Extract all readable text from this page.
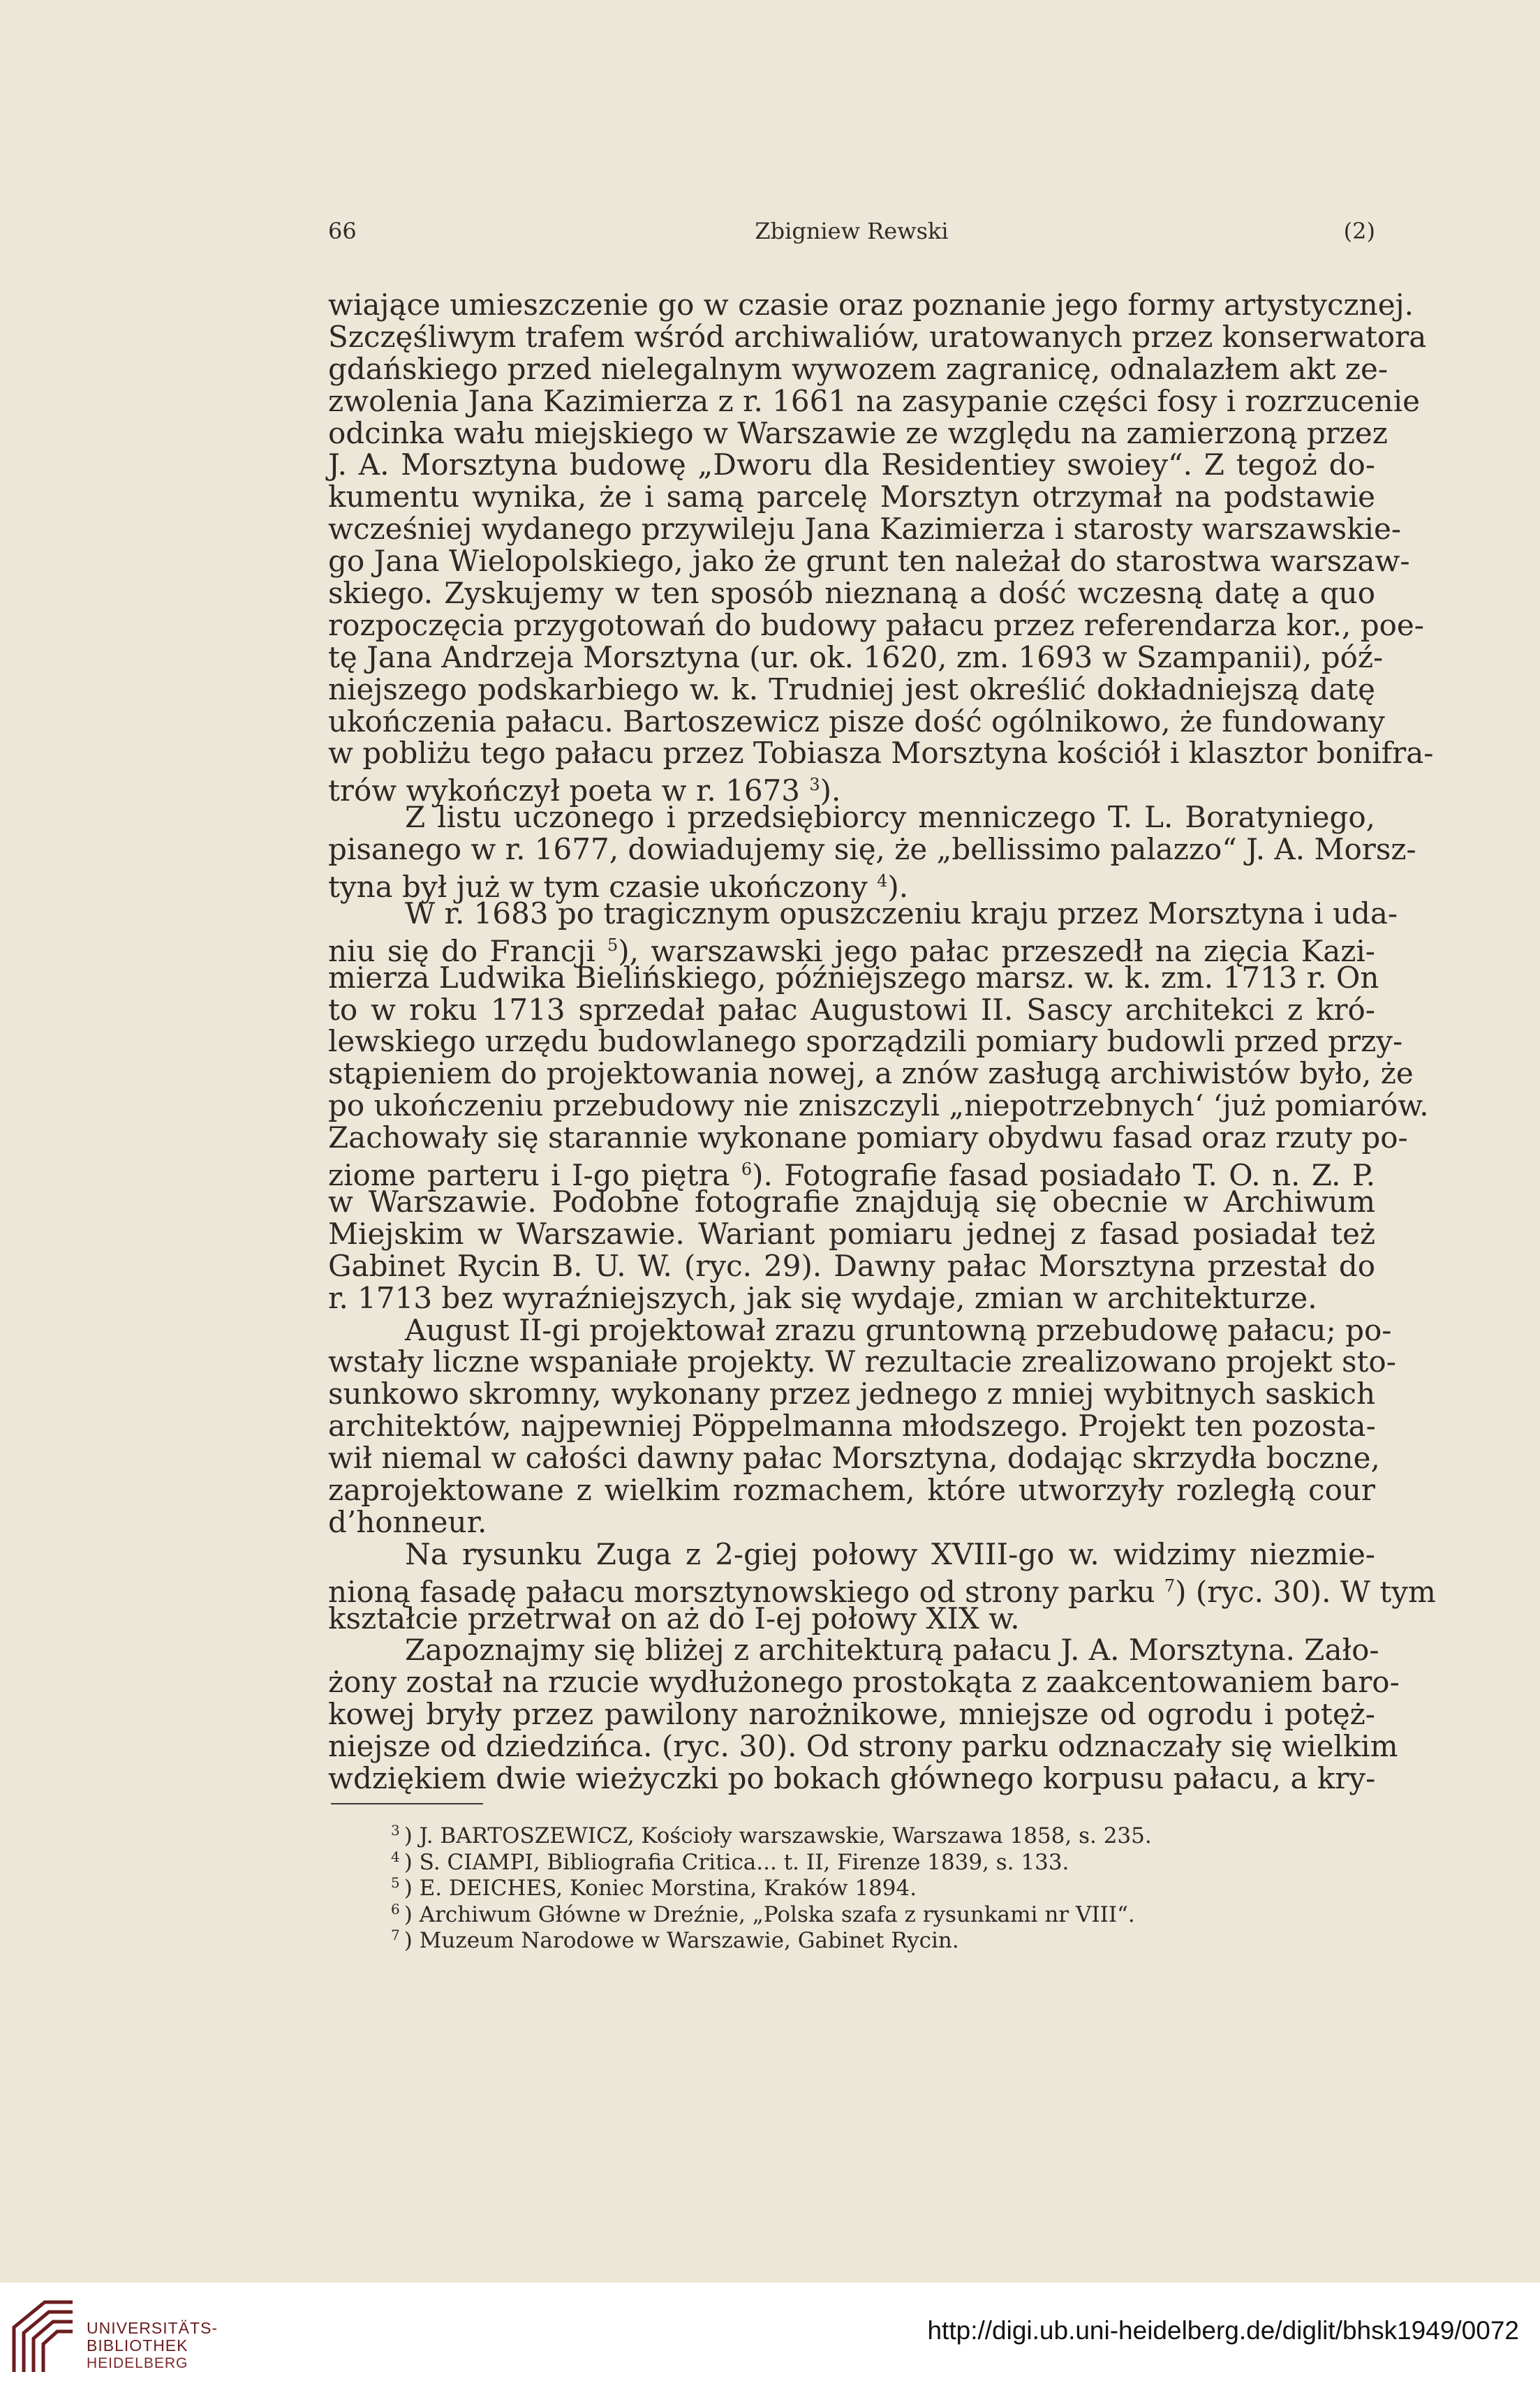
66	Zbigniew Rewski	(2)
wiające umieszczenie go w czasie oraz poznanie jego formy artystycznej.
Szczęśliwym trafem wśród archiwaliów, uratowanych przez konserwatora
gdańskiego przed nielegalnym wywozem zagranicę, odnalazłem akt ze-
zwolenia Jana Kazimierza z r. 1661 na zasypanie części fosy i rozrzucenie
odcinka wału miejskiego w Warszawie ze względu na zamierzoną przez
J. A. Morsztyna budowę „Dworu dla Residentiey swoiey“. Z tegoż do-
kumentu wynika, że i samą parcelę Morsztyn otrzymał na podstawie
wcześniej wydanego przywileju Jana Kazimierza i starosty warszawskie-
go Jana Wielopolskiego, jako że grunt ten należał do starostwa warszaw-
skiego. Zyskujemy w ten sposób nieznaną a dość wczesną datę a quo
rozpoczęcia przygotowań do budowy pałacu przez referendarza kor., poe-
tę Jana Andrzeja Morsztyna (ur. ok. 1620, zm. 1693 w Szampanii), póź-
niejszego podskarbiego w. k. Trudniej jest określić dokładniejszą datę
ukończenia pałacu. Bartoszewicz pisze dość ogólnikowo, że fundowany
w pobliżu tego pałacu przez Tobiasza Morsztyna kościół i klasztor bonifra-
trów wykończył poeta w r. 1673 $^3$).
Z listu uczonego i przedsiębiorcy menniczego T. L. Boratyniego,
pisanego w r. 1677, dowiadujemy się, że „bellissimo palazzo“ J. A. Morsz-
tyna był już w tym czasie ukończony $^4$).
W r. 1683 po tragicznym opuszczeniu kraju przez Morsztyna i uda-
niu się do Francji $^5$), warszawski jego pałac przeszedł na zięcia Kazi-
mierza Ludwika Bielińskiego, późniejszego marsz. w. k. zm. 1713 r. On
to w roku 1713 sprzedał pałac Augustowi II. Sascy architekci z kró-
lewskiego urzędu budowlanego sporządzili pomiary budowli przed przy-
stąpieniem do projektowania nowej, a znów zasługą archiwistów było, że
po ukończeniu przebudowy nie zniszczyli „niepotrzebnych‘ ‘już pomiarów.
Zachowały się starannie wykonane pomiary obydwu fasad oraz rzuty po-
ziome parteru i I-go piętra $^6$). Fotografie fasad posiadało T. O. n. Z. P.
w Warszawie. Podobne fotografie znajdują się obecnie w Archiwum
Miejskim w Warszawie. Wariant pomiaru jednej z fasad posiadał też
Gabinet Rycin B. U. W. (ryc. 29). Dawny pałac Morsztyna przestał do
r. 1713 bez wyraźniejszych, jak się wydaje, zmian w architekturze.
August II-gi projektował zrazu gruntowną przebudowę pałacu; po-
wstały liczne wspaniałe projekty. W rezultacie zrealizowano projekt sto-
sunkowo skromny, wykonany przez jednego z mniej wybitnych saskich
architektów, najpewniej Pöppelmanna młodszego. Projekt ten pozosta-
wił niemal w całości dawny pałac Morsztyna, dodając skrzydła boczne,
zaprojektowane z wielkim rozmachem, które utworzyły rozległą cour
d’honneur.
Na rysunku Zuga z 2-giej połowy XVIII-go w. widzimy niezmie-
nioną fasadę pałacu morsztynowskiego od strony parku $^7$) (ryc. 30). W tym
kształcie przetrwał on aż do I-ej połowy XIX w.
Zapoznajmy się bliżej z architekturą pałacu J. A. Morsztyna. Zało-
żony został na rzucie wydłużonego prostokąta z zaakcentowaniem baro-
kowej bryły przez pawilony narożnikowe, mniejsze od ogrodu i potęż-
niejsze od dziedzińca. (ryc. 30). Od strony parku odznaczały się wielkim
wdziękiem dwie wieżyczki po bokach głównego korpusu pałacu, a kry-
$^3$ ) J. BARTOSZEWICZ, Kościoły warszawskie, Warszawa 1858, s. 235.
$^4$ ) S. CIAMPI, Bibliografia Critica... t. II, Firenze 1839, s. 133.
$^5$ ) E. DEICHES, Koniec Morstina, Kraków 1894.
$^6$ ) Archiwum Główne w Dreźnie, „Polska szafa z rysunkami nr VIII“.
$^7$ ) Muzeum Narodowe w Warszawie, Gabinet Rycin.
UNIVERSITÄTS-
BIBLIOTHEK
HEIDELBERG
http://digi.ub.uni-heidelberg.de/diglit/bhsk1949/0072
